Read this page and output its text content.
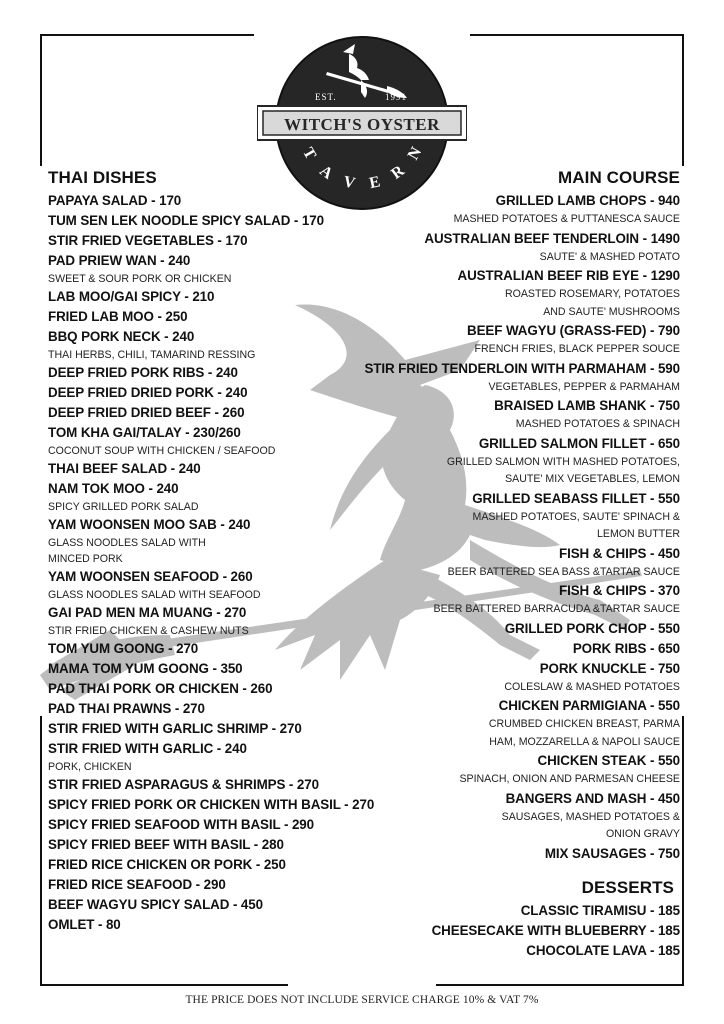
EST.	1991
WITCH'S OYSTER
T
A V E R
N
THAI DISHES
PAPAYA SALAD - 170
TUM SEN LEK NOODLE SPICY SALAD - 170
STIR FRIED VEGETABLES - 170
PAD PRIEW WAN - 240
SWEET & SOUR PORK OR CHICKEN
LAB MOO/GAI SPICY - 210
FRIED LAB MOO - 250
BBQ PORK NECK - 240
THAI HERBS, CHILI, TAMARIND RESSING
DEEP FRIED PORK RIBS - 240
DEEP FRIED DRIED PORK - 240
DEEP FRIED DRIED BEEF - 260
TOM KHA GAI/TALAY - 230/260
COCONUT SOUP WITH CHICKEN / SEAFOOD
THAI BEEF SALAD - 240
NAM TOK MOO - 240
SPICY GRILLED PORK SALAD
YAM WOONSEN MOO SAB - 240
GLASS NOODLES SALAD WITH
MINCED PORK
YAM WOONSEN SEAFOOD - 260
GLASS NOODLES SALAD WITH SEAFOOD
GAI PAD MEN MA MUANG - 270
STIR FRIED CHICKEN & CASHEW NUTS
TOM YUM GOONG - 270
MAMA TOM YUM GOONG - 350
PAD THAI PORK OR CHICKEN - 260
PAD THAI PRAWNS - 270
STIR FRIED WITH GARLIC SHRIMP - 270
STIR FRIED WITH GARLIC - 240
PORK, CHICKEN
STIR FRIED ASPARAGUS & SHRIMPS - 270
SPICY FRIED PORK OR CHICKEN WITH BASIL - 270
SPICY FRIED SEAFOOD WITH BASIL - 290
SPICY FRIED BEEF WITH BASIL - 280
FRIED RICE CHICKEN OR PORK - 250
FRIED RICE SEAFOOD - 290
BEEF WAGYU SPICY SALAD - 450
OMLET - 80
MAIN COURSE
GRILLED LAMB CHOPS - 940
MASHED POTATOES & PUTTANESCA SAUCE
AUSTRALIAN BEEF TENDERLOIN - 1490
SAUTE' & MASHED POTATO
AUSTRALIAN BEEF RIB EYE - 1290
ROASTED ROSEMARY, POTATOES
AND SAUTE' MUSHROOMS
BEEF WAGYU (GRASS-FED) - 790
FRENCH FRIES, BLACK PEPPER SOUCE
STIR FRIED TENDERLOIN WITH PARMAHAM - 590
VEGETABLES, PEPPER & PARMAHAM
BRAISED LAMB SHANK - 750
MASHED POTATOES & SPINACH
GRILLED SALMON FILLET - 650
GRILLED SALMON WITH MASHED POTATOES,
SAUTE' MIX VEGETABLES, LEMON
GRILLED SEABASS FILLET - 550
MASHED POTATOES, SAUTE' SPINACH &
LEMON BUTTER
FISH & CHIPS - 450
BEER BATTERED SEA BASS &TARTAR SAUCE
FISH & CHIPS - 370
BEER BATTERED BARRACUDA &TARTAR SAUCE
GRILLED PORK CHOP - 550
PORK RIBS - 650
PORK KNUCKLE - 750
COLESLAW & MASHED POTATOES
CHICKEN PARMIGIANA - 550
CRUMBED CHICKEN BREAST, PARMA
HAM, MOZZARELLA & NAPOLI SAUCE
CHICKEN STEAK - 550
SPINACH, ONION AND PARMESAN CHEESE
BANGERS AND MASH - 450
SAUSAGES, MASHED POTATOES &
ONION GRAVY
MIX SAUSAGES - 750
DESSERTS
CLASSIC TIRAMISU - 185
CHEESECAKE WITH BLUEBERRY - 185
CHOCOLATE LAVA - 185
THE PRICE DOES NOT INCLUDE SERVICE CHARGE 10% & VAT 7%
